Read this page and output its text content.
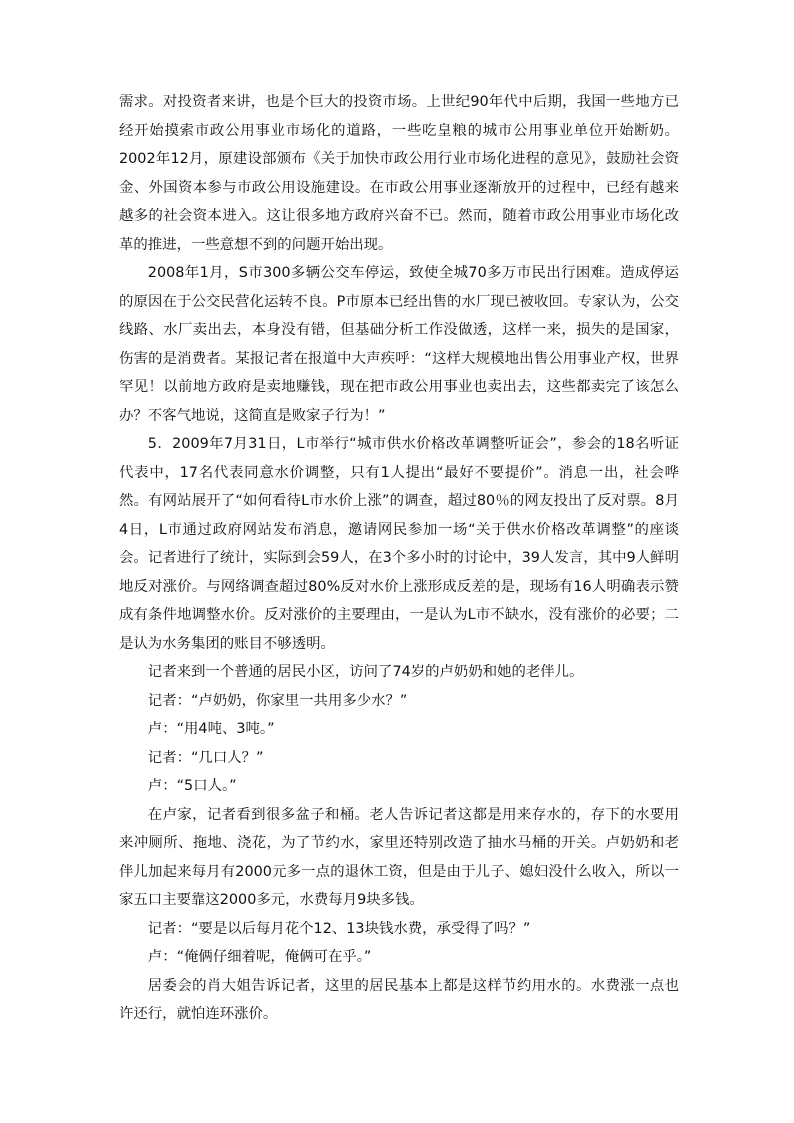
需求。对投资者来讲，也是个巨大的投资市场。上世纪90年代中后期，我国一些地方已经开始摸索市政公用事业市场化的道路，一些吃皇粮的城市公用事业单位开始断奶。2002年12月，原建设部颁布《关于加快市政公用行业市场化进程的意见》，鼓励社会资金、外国资本参与市政公用设施建设。在市政公用事业逐渐放开的过程中，已经有越来越多的社会资本进入。这让很多地方政府兴奋不已。然而，随着市政公用事业市场化改革的推进，一些意想不到的问题开始出现。

2008年1月，S市300多辆公交车停运，致使全城70多万市民出行困难。造成停运的原因在于公交民营化运转不良。P市原本已经出售的水厂现已被收回。专家认为，公交线路、水厂卖出去，本身没有错，但基础分析工作没做透，这样一来，损失的是国家，伤害的是消费者。某报记者在报道中大声疾呼：“这样大规模地出售公用事业产权，世界罕见！以前地方政府是卖地赚钱，现在把市政公用事业也卖出去，这些都卖完了该怎么办？不客气地说，这简直是败家子行为！”

5．2009年7月31日，L市举行“城市供水价格改革调整听证会”，参会的18名听证代表中，17名代表同意水价调整，只有1人提出“最好不要提价”。消息一出，社会哗然。有网站展开了“如何看待L市水价上涨”的调查，超过80％的网友投出了反对票。8月4日，L市通过政府网站发布消息，邀请网民参加一场“关于供水价格改革调整”的座谈会。记者进行了统计，实际到会59人，在3个多小时的讨论中，39人发言，其中9人鲜明地反对涨价。与网络调查超过80%反对水价上涨形成反差的是，现场有16人明确表示赞成有条件地调整水价。反对涨价的主要理由，一是认为L市不缺水，没有涨价的必要；二是认为水务集团的账目不够透明。

记者来到一个普通的居民小区，访问了74岁的卢奶奶和她的老伴儿。

记者：“卢奶奶，你家里一共用多少水？”

卢：“用4吨、3吨。”

记者：“几口人？”

卢：“5口人。”

在卢家，记者看到很多盆子和桶。老人告诉记者这都是用来存水的，存下的水要用来冲厕所、拖地、浇花，为了节约水，家里还特别改造了抽水马桶的开关。卢奶奶和老伴儿加起来每月有2000元多一点的退休工资，但是由于儿子、媳妇没什么收入，所以一家五口主要靠这2000多元，水费每月9块多钱。

记者：“要是以后每月花个12、13块钱水费，承受得了吗？”

卢：“俺俩仔细着呢，俺俩可在乎。”

居委会的肖大姐告诉记者，这里的居民基本上都是这样节约用水的。水费涨一点也许还行，就怕连环涨价。
